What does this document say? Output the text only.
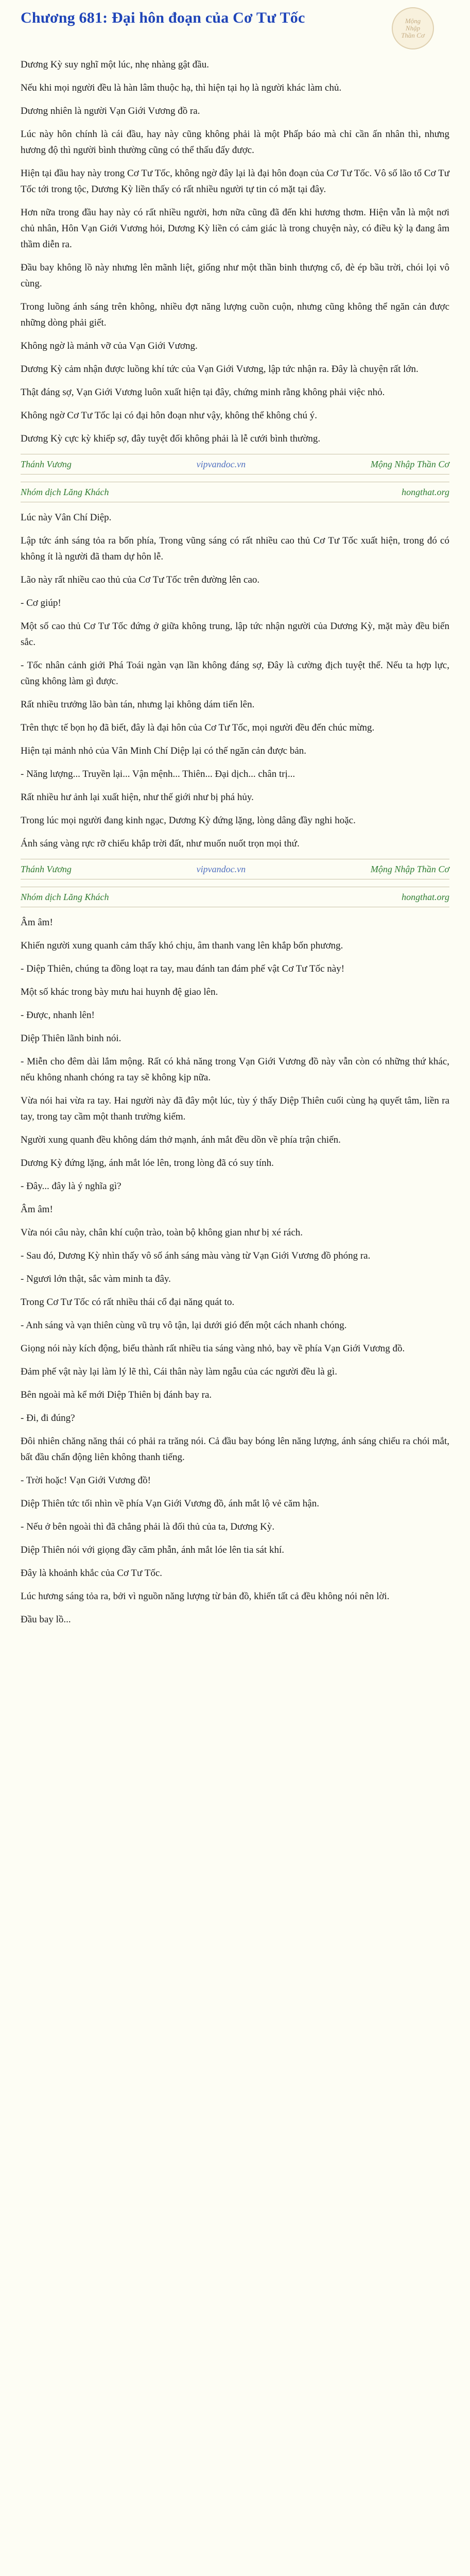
Chương 681: Đại hôn đoạn của Cơ Tư Tốc	Mộng
Nhập
Thần Cơ

Dương Kỳ suy nghĩ một lúc, nhẹ nhàng gật đầu.

Nếu khi mọi người đều là hàn lâm thuộc hạ, thì hiện tại họ là người khác làm chủ.

Dương nhiên là người Vạn Giới Vương đồ ra.

Lúc này hôn chính là cái đầu, hay này cũng không phải là một Phấp báo mà chỉ cần ấn nhân thì, nhưng hương độ thì người bình thường cũng có thể thấu đấy được.

Hiện tại đầu hay này trong Cơ Tư Tốc, không ngờ đây lại là đại hôn đoạn của Cơ Tư Tốc. Vô số lão tổ Cơ Tư Tốc tới trong tộc, Dương Kỳ liền thấy có rất nhiều người tự tin có mặt tại đây.

Hơn nữa trong đầu hay này có rất nhiều người, hơn nữa cũng đã đến khi hương thơm. Hiện vẫn là một nơi chủ nhân, Hôn Vạn Giới Vương hỏi, Dương Kỳ liền có cảm giác là trong chuyện này, có điều kỳ lạ đang âm thầm diễn ra.

Đầu bay không lồ này nhưng lên mãnh liệt, giống như một thần binh thượng cổ, đè ép bầu trời, chói lọi vô cùng.

Trong luồng ánh sáng trên không, nhiều đợt năng lượng cuồn cuộn, nhưng cũng không thể ngăn cản được những dòng phải giết.

Không ngờ là mảnh vỡ của Vạn Giới Vương.

Dương Kỳ cảm nhận được luồng khí tức của Vạn Giới Vương, lập tức nhận ra. Đây là chuyện rất lớn.

Thật đáng sợ, Vạn Giới Vương luôn xuất hiện tại đây, chứng minh rằng không phải việc nhỏ.

Không ngờ Cơ Tư Tốc lại có đại hôn đoạn như vậy, không thể không chú ý.

Dương Kỳ cực kỳ khiếp sợ, đây tuyệt đối không phải là lễ cưới bình thường.

Thánh Vương	vipvandoc.vn	Mộng Nhập Thần Cơ
Nhóm dịch Lăng Khách	hongthat.org

Lúc này Vân Chí Diệp.

Lập tức ánh sáng tỏa ra bốn phía, Trong vũng sáng có rất nhiều cao thủ Cơ Tư Tốc xuất hiện, trong đó có không ít là người đã tham dự hôn lễ.

Lão này rất nhiều cao thủ của Cơ Tư Tốc trên đường lên cao.

- Cơ giúp!

Một số cao thủ Cơ Tư Tốc đứng ở giữa không trung, lập tức nhận người của Dương Kỳ, mặt mày đều biến sắc.

- Tốc nhân cảnh giới Phá Toái ngàn vạn lần không đáng sợ, Đây là cường địch tuyệt thế. Nếu ta hợp lực, cũng không làm gì được.

Rất nhiều trưởng lão bàn tán, nhưng lại không dám tiến lên.

Trên thực tế bọn họ đã biết, đây là đại hôn của Cơ Tư Tốc, mọi người đều đến chúc mừng.

Hiện tại mảnh nhỏ của Vân Minh Chí Diệp lại có thế ngăn cản được bản.

- Năng lượng... Truyền lại... Vận mệnh... Thiên... Đại dịch... chân trị...

Rất nhiều hư ảnh lại xuất hiện, như thế giới như bị phá hủy.

Trong lúc mọi người đang kinh ngạc, Dương Kỳ đứng lặng, lòng dâng đầy nghi hoặc.

Ánh sáng vàng rực rỡ chiếu khắp trời đất, như muốn nuốt trọn mọi thứ.

Thánh Vương	vipvandoc.vn	Mộng Nhập Thần Cơ
Nhóm dịch Lăng Khách	hongthat.org

Âm âm!

Khiến người xung quanh cảm thấy khó chịu, âm thanh vang lên khắp bốn phương.

- Diệp Thiên, chúng ta đồng loạt ra tay, mau đánh tan đám phế vật Cơ Tư Tốc này!

Một số khác trong bày mưu hai huynh đệ giao lên.

- Được, nhanh lên!

Diệp Thiên lãnh binh nói.

- Miễn cho đêm dài lắm mộng. Rất có khả năng trong Vạn Giới Vương đồ này vẫn còn có những thứ khác, nếu không nhanh chóng ra tay sẽ không kịp nữa.

Vừa nói hai vừa ra tay. Hai người này đã đây một lúc, tùy ý thấy Diệp Thiên cuối cùng hạ quyết tâm, liền ra tay, trong tay cầm một thanh trường kiếm.

Người xung quanh đều không dám thở mạnh, ánh mắt đều dồn về phía trận chiến.

Dương Kỳ đứng lặng, ánh mắt lóe lên, trong lòng đã có suy tính.

- Đây... đây là ý nghĩa gì?

Âm âm!

Vừa nói câu này, chân khí cuộn trào, toàn bộ không gian như bị xé rách.

- Sau đó, Dương Kỳ nhìn thấy vô số ánh sáng màu vàng từ Vạn Giới Vương đồ phóng ra.

- Ngươi lớn thật, sắc vàm minh ta đây.

Trong Cơ Tư Tốc có rất nhiều thái cổ đại năng quát to.

- Anh sáng và vạn thiên cùng vũ trụ vô tận, lại dưới gió đến một cách nhanh chóng.

Giọng nói này kích động, biểu thành rất nhiều tia sáng vàng nhỏ, bay về phía Vạn Giới Vương đồ.

Đảm phế vật này lại làm lý lẽ thì, Cái thân này làm ngẫu của các người đều là gì.

Bên ngoài mà kể mới Diệp Thiên bị đánh bay ra.

- Đi, đi đúng?

Đôi nhiên chăng năng thái có phải ra trăng nói. Cả đầu bay bóng lên năng lượng, ánh sáng chiếu ra chói mắt, bất đầu chấn động liên không thanh tiếng.

- Trời hoặc! Vạn Giới Vương đồ!

Diệp Thiên tức tối nhìn về phía Vạn Giới Vương đồ, ánh mắt lộ vẻ căm hận.

- Nếu ở bên ngoài thì đã chẳng phải là đối thủ của ta, Dương Kỳ.

Diệp Thiên nói với giọng đầy căm phẫn, ánh mắt lóe lên tia sát khí.

Đây là khoảnh khắc của Cơ Tư Tốc.

Lúc hương sáng tỏa ra, bởi vì nguồn năng lượng từ bản đồ, khiến tất cả đều không nói nên lời.

Đầu bay lồ...
